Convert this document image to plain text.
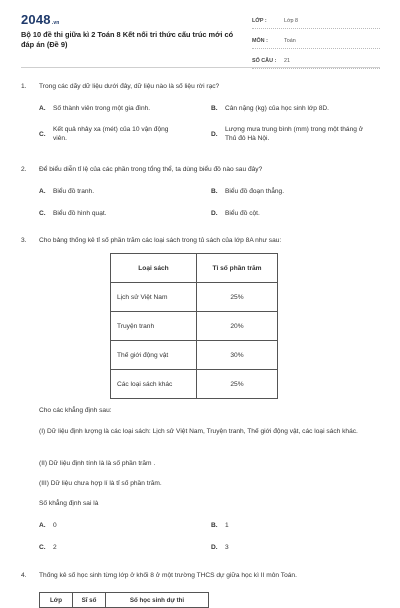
2048.vn
Bộ 10 đề thi giữa kì 2 Toán 8 Kết nối tri thức cấu trúc mới có đáp án (Đề 9)
LỚP :	Lớp 8
MÔN :	Toán
SỐ CÂU :	21
1.	Trong các dãy dữ liệu dưới đây, dữ liệu nào là số liệu rời rạc?
A. Số thành viên trong một gia đình.	B. Cân nặng (kg) của học sinh lớp 8D.
C.
Kết quả nhảy xa (mét) của 10 vận động viên.
D.
Lượng mưa trung bình (mm) trong một tháng ở Thủ đô Hà Nội.
2.	Để biểu diễn tỉ lệ của các phần trong tổng thể, ta dùng biểu đồ nào sau đây?
A. Biểu đồ tranh.	B. Biểu đồ đoạn thẳng.
C. Biểu đồ hình quạt.	D. Biểu đồ cột.
3.	Cho bảng thống kê tỉ số phần trăm các loại sách trong tủ sách của lớp 8A như sau:
Loại sách	Tỉ số phần trăm
Lịch sử Việt Nam	25%
Truyện tranh	20%
Thế giới động vật	30%
Các loại sách khác	25%
Cho các khẳng định sau:
(I) Dữ liệu định lượng là các loại sách: Lịch sử Việt Nam, Truyện tranh, Thế giới động vật, các loại sách khác.
(II) Dữ liệu định tính là là số phần trăm .
(III) Dữ liệu chưa hợp lí là tỉ số phần trăm.
Số khẳng định sai là
A. 0	B. 1
C. 2	D. 3
4.	Thống kê số học sinh từng lớp ở khối 8 ở một trường THCS dự giữa học kì II môn Toán.
Lớp	Sĩ số	Số học sinh dự thi
